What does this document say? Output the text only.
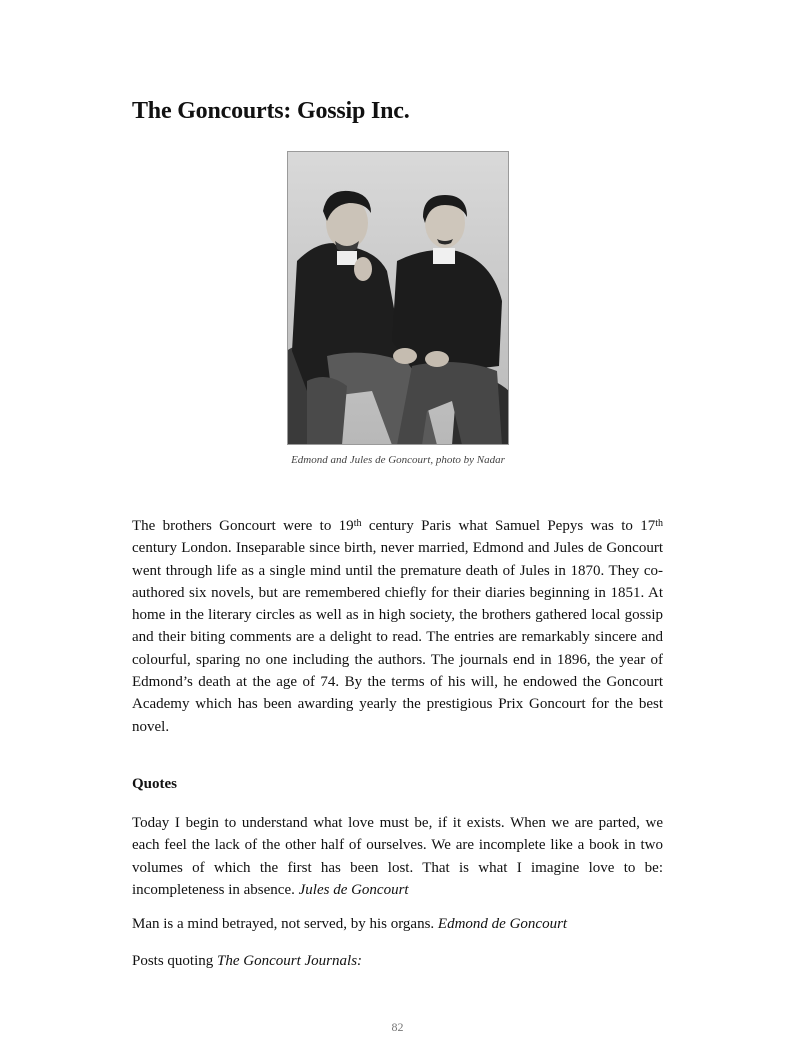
The Goncourts: Gossip Inc.
Edmond and Jules de Goncourt, photo by Nadar

The brothers Goncourt were to 19th century Paris what Samuel Pepys was to 17th century London. Inseparable since birth, never married, Edmond and Jules de Goncourt went through life as a single mind until the premature death of Jules in 1870. They co-authored six novels, but are remembered chiefly for their diaries beginning in 1851. At home in the literary circles as well as in high society, the brothers gathered local gossip and their biting comments are a delight to read. The entries are remarkably sincere and colourful, sparing no one including the authors. The journals end in 1896, the year of Edmond’s death at the age of 74. By the terms of his will, he endowed the Goncourt Academy which has been awarding yearly the prestigious Prix Goncourt for the best novel.

Quotes

Today I begin to understand what love must be, if it exists. When we are parted, we each feel the lack of the other half of ourselves. We are incomplete like a book in two volumes of which the first has been lost. That is what I imagine love to be: incompleteness in absence. Jules de Goncourt

Man is a mind betrayed, not served, by his organs. Edmond de Goncourt

Posts quoting The Goncourt Journals:

82
